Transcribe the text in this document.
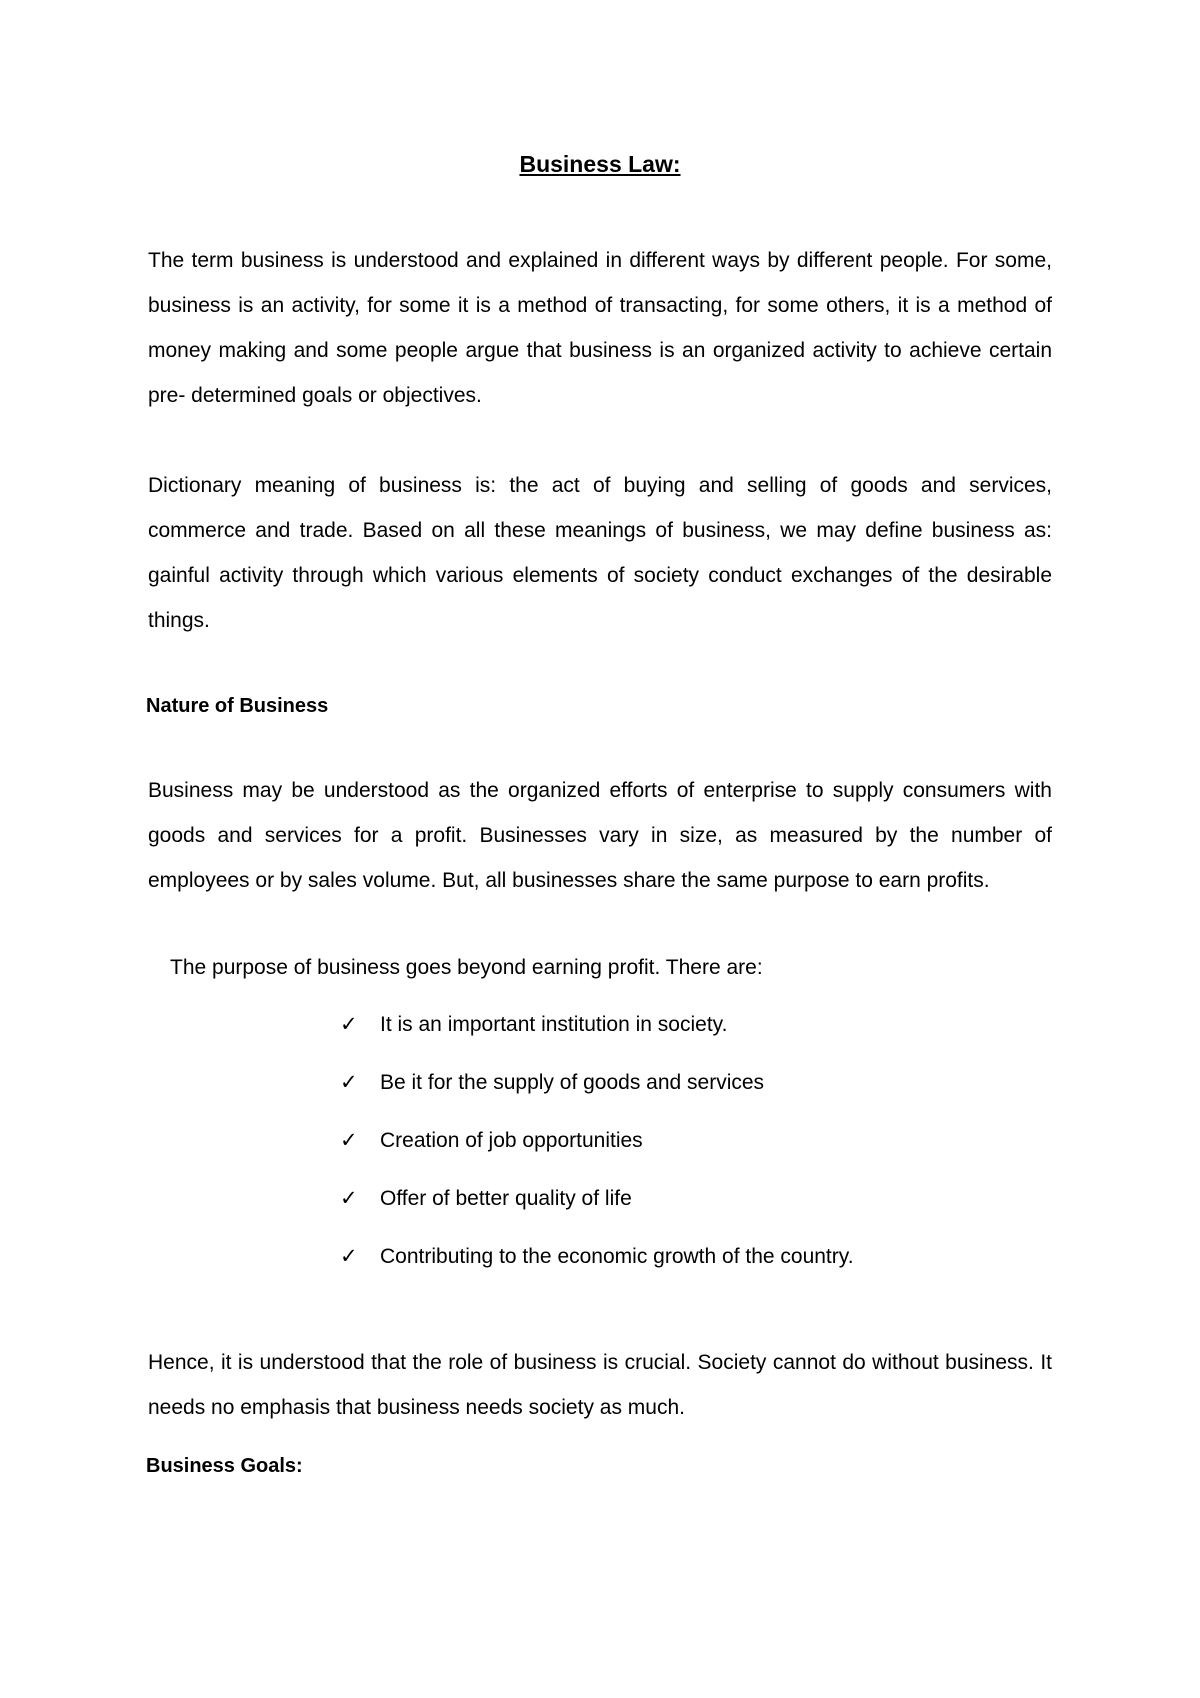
Business Law:
The term business is understood and explained in different ways by different people. For some, business is an activity, for some it is a method of transacting, for some others, it is a method of money making and some people argue that business is an organized activity to achieve certain pre- determined goals or objectives.
Dictionary meaning of business is: the act of buying and selling of goods and services, commerce and trade. Based on all these meanings of business, we may define business as: gainful activity through which various elements of society conduct exchanges of the desirable things.
Nature of Business
Business may be understood as the organized efforts of enterprise to supply consumers with goods and services for a profit. Businesses vary in size, as measured by the number of employees or by sales volume. But, all businesses share the same purpose to earn profits.
The purpose of business goes beyond earning profit. There are:
✓	It is an important institution in society.
✓	Be it for the supply of goods and services
✓	Creation of job opportunities
✓	Offer of better quality of life
✓	Contributing to the economic growth of the country.
Hence, it is understood that the role of business is crucial. Society cannot do without business. It needs no emphasis that business needs society as much.
Business Goals:
